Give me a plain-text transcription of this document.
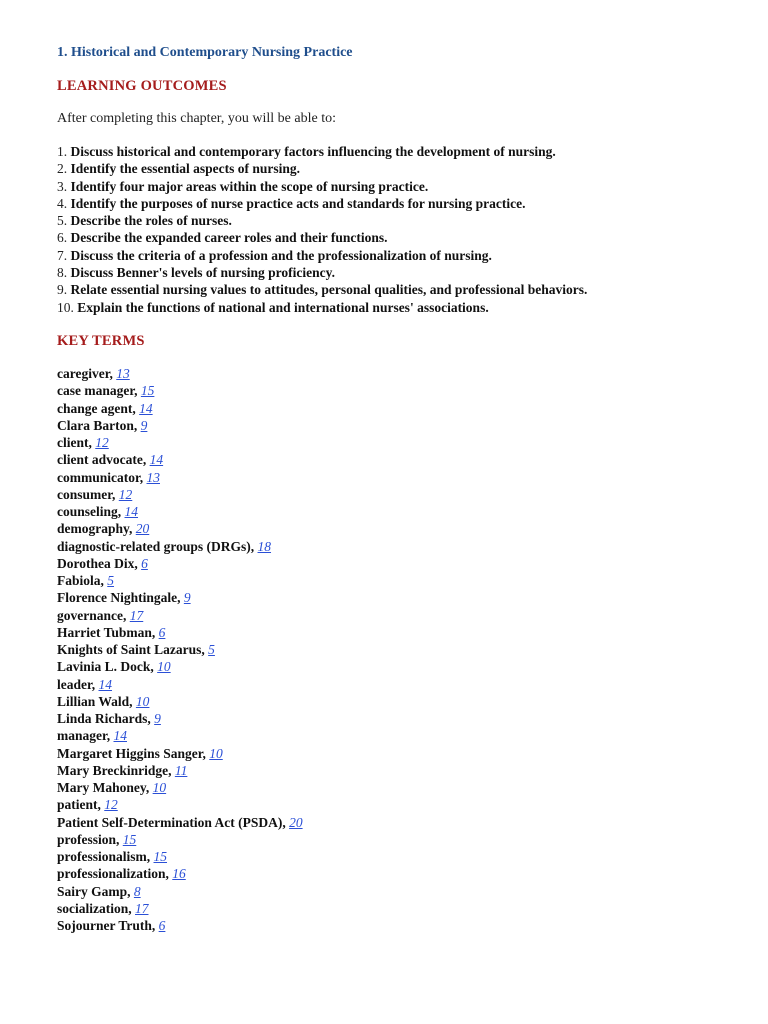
1. Historical and Contemporary Nursing Practice
LEARNING OUTCOMES
After completing this chapter, you will be able to:
1. Discuss historical and contemporary factors influencing the development of nursing.
2. Identify the essential aspects of nursing.
3. Identify four major areas within the scope of nursing practice.
4. Identify the purposes of nurse practice acts and standards for nursing practice.
5. Describe the roles of nurses.
6. Describe the expanded career roles and their functions.
7. Discuss the criteria of a profession and the professionalization of nursing.
8. Discuss Benner's levels of nursing proficiency.
9. Relate essential nursing values to attitudes, personal qualities, and professional behaviors.
10. Explain the functions of national and international nurses' associations.
KEY TERMS
caregiver, 13
case manager, 15
change agent, 14
Clara Barton, 9
client, 12
client advocate, 14
communicator, 13
consumer, 12
counseling, 14
demography, 20
diagnostic-related groups (DRGs), 18
Dorothea Dix, 6
Fabiola, 5
Florence Nightingale, 9
governance, 17
Harriet Tubman, 6
Knights of Saint Lazarus, 5
Lavinia L. Dock, 10
leader, 14
Lillian Wald, 10
Linda Richards, 9
manager, 14
Margaret Higgins Sanger, 10
Mary Breckinridge, 11
Mary Mahoney, 10
patient, 12
Patient Self-Determination Act (PSDA), 20
profession, 15
professionalism, 15
professionalization, 16
Sairy Gamp, 8
socialization, 17
Sojourner Truth, 6
